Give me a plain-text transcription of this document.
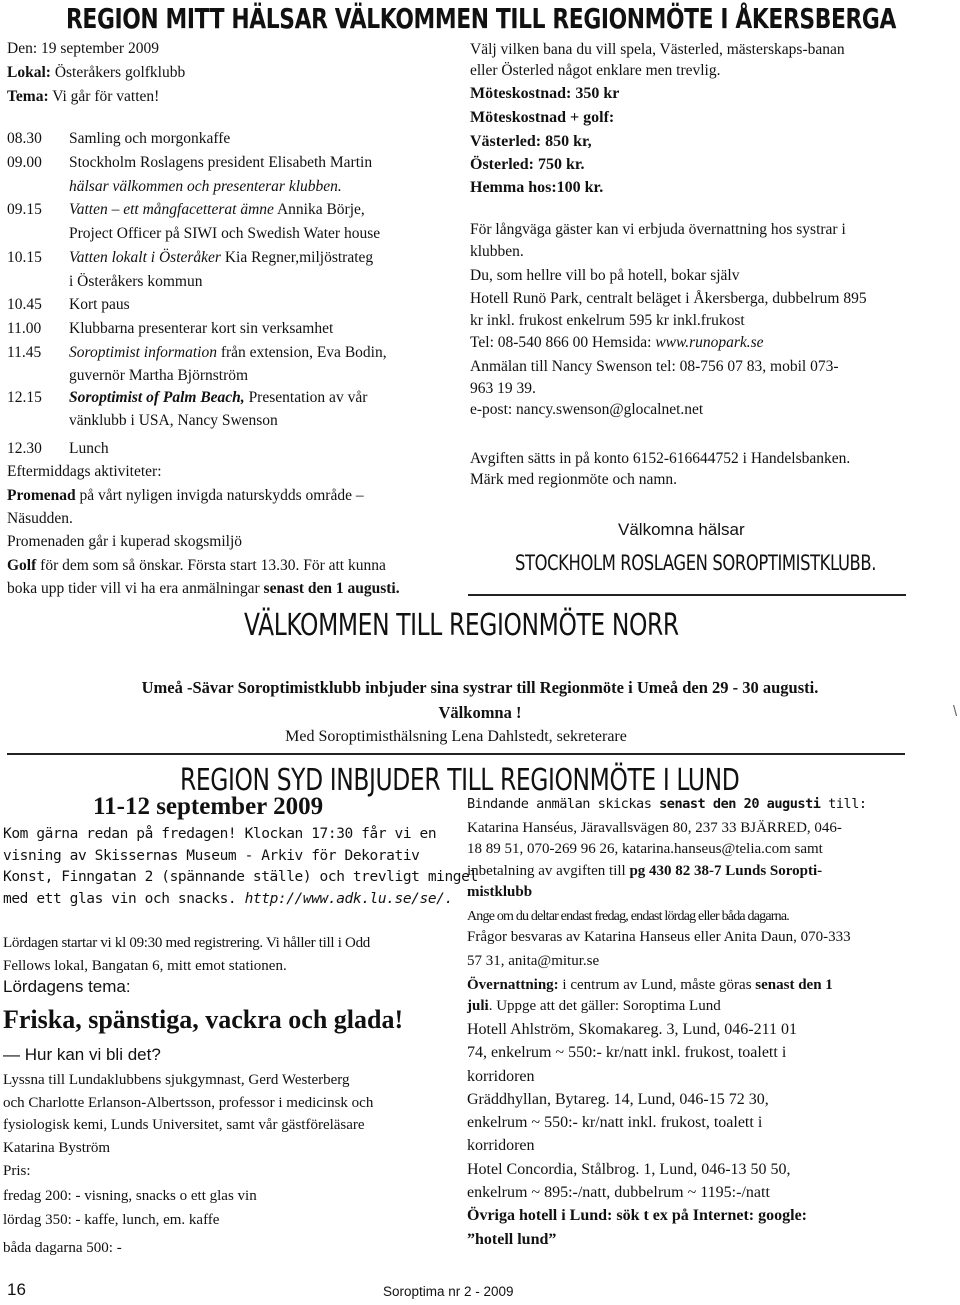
REGION MITT HÄLSAR VÄLKOMMEN TILL REGIONMÖTE I ÅKERSBERGA
Den: 19 september 2009
Lokal: Österåkers golfklubb
Tema: Vi går för vatten!
08.30	Samling och morgonkaffe
09.00	Stockholm Roslagens president Elisabeth Martin
hälsar välkommen och presenterar klubben.
09.15	Vatten – ett mångfacetterat ämne Annika Börje,
Project Officer på SIWI och Swedish Water house
10.15	Vatten lokalt i Österåker Kia Regner,miljöstrateg
i Österåkers kommun
10.45	Kort paus
11.00	Klubbarna presenterar kort sin verksamhet
11.45	Soroptimist information från extension, Eva Bodin,
guvernör Martha Björnström
12.15	Soroptimist of Palm Beach, Presentation av vår
vänklubb i USA, Nancy Swenson
12.30	Lunch
Eftermiddags aktiviteter:
Promenad på vårt nyligen invigda naturskydds område –
Näsudden.
Promenaden går i kuperad skogsmiljö
Golf för dem som så önskar. Första start 13.30. För att kunna
boka upp tider vill vi ha era anmälningar senast den 1 augusti.
Välj vilken bana du vill spela, Västerled, mästerskaps-banan
eller Österled något enklare men trevlig.
Möteskostnad: 350 kr
Möteskostnad + golf:
Västerled: 850 kr,
Österled: 750 kr.
Hemma hos:100 kr.
För långväga gäster kan vi erbjuda övernattning hos systrar i
klubben.
Du, som hellre vill bo på hotell, bokar själv
Hotell Runö Park, centralt beläget i Åkersberga, dubbelrum 895
kr inkl. frukost enkelrum 595 kr inkl.frukost
Tel: 08-540 866 00 Hemsida: www.runopark.se
Anmälan till Nancy Swenson tel: 08-756 07 83, mobil 073-
963 19 39.
e-post: nancy.swenson@glocalnet.net
Avgiften sätts in på konto 6152-616644752 i Handelsbanken.
Märk med regionmöte och namn.
Välkomna hälsar
STOCKHOLM ROSLAGEN SOROPTIMISTKLUBB.
VÄLKOMMEN TILL REGIONMÖTE NORR
Umeå -Sävar Soroptimistklubb inbjuder sina systrar till Regionmöte i Umeå den 29 - 30 augusti.
Välkomna !
Med Soroptimisthälsning Lena Dahlstedt, sekreterare
\
REGION SYD INBJUDER TILL REGIONMÖTE I LUND
11-12 september 2009
Kom gärna redan på fredagen! Klockan 17:30 får vi en
visning av Skissernas Museum - Arkiv för Dekorativ
Konst, Finngatan 2 (spännande ställe) och trevligt mingel
med ett glas vin och snacks. http://www.adk.lu.se/se/.
Lördagen startar vi kl 09:30 med registrering. Vi håller till i Odd
Fellows lokal, Bangatan 6, mitt emot stationen.
Lördagens tema:
Friska, spänstiga, vackra och glada!
— Hur kan vi bli det?
Lyssna till Lundaklubbens sjukgymnast, Gerd Westerberg
och Charlotte Erlanson-Albertsson, professor i medicinsk och
fysiologisk kemi, Lunds Universitet, samt vår gästföreläsare
Katarina Byström
Pris:
fredag 200: - visning, snacks o ett glas vin
lördag 350: - kaffe, lunch, em. kaffe
båda dagarna 500: -
Bindande anmälan skickas senast den 20 augusti till:
Katarina Hanséus, Järavallsvägen 80, 237 33 BJÄRRED, 046-
18 89 51, 070-269 96 26, katarina.hanseus@telia.com samt
inbetalning av avgiften till pg 430 82 38-7 Lunds Soropti-
mistklubb
Ange om du deltar endast fredag, endast lördag eller båda dagarna.
Frågor besvaras av Katarina Hanseus eller Anita Daun, 070-333
57 31, anita@mitur.se
Övernattning: i centrum av Lund, måste göras senast den 1
juli. Uppge att det gäller: Soroptima Lund
Hotell Ahlström, Skomakareg. 3, Lund, 046-211 01
74, enkelrum ~ 550:- kr/natt inkl. frukost, toalett i
korridoren
Gräddhyllan, Bytareg. 14, Lund, 046-15 72 30,
enkelrum ~ 550:- kr/natt inkl. frukost, toalett i
korridoren
Hotel Concordia, Stålbrog. 1, Lund, 046-13 50 50,
enkelrum ~ 895:-/natt, dubbelrum ~ 1195:-/natt
Övriga hotell i Lund: sök t ex på Internet: google:
”hotell lund”
16	Soroptima nr 2 - 2009
